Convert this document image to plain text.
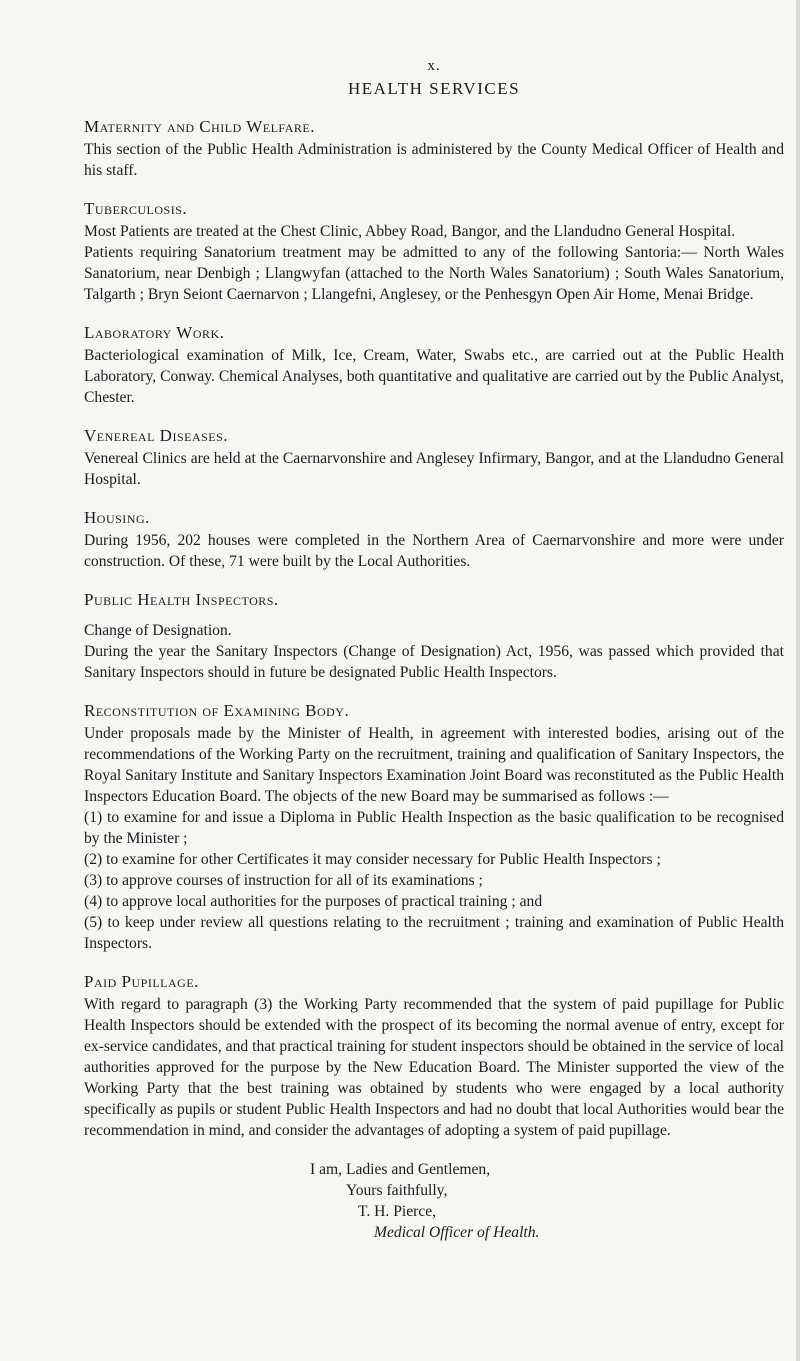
x.
HEALTH SERVICES
Maternity and Child Welfare.

This section of the Public Health Administration is administered by the County Medical Officer of Health and his staff.

Tuberculosis.

Most Patients are treated at the Chest Clinic, Abbey Road, Bangor, and the Llandudno General Hospital.

Patients requiring Sanatorium treatment may be admitted to any of the following Santoria:— North Wales Sanatorium, near Denbigh ; Llangwyfan (attached to the North Wales Sanatorium) ; South Wales Sanatorium, Talgarth ; Bryn Seiont Caernarvon ; Llangefni, Anglesey, or the Penhesgyn Open Air Home, Menai Bridge.

Laboratory Work.

Bacteriological examination of Milk, Ice, Cream, Water, Swabs etc., are carried out at the Public Health Laboratory, Conway. Chemical Analyses, both quantitative and qualitative are carried out by the Public Analyst, Chester.

Venereal Diseases.

Venereal Clinics are held at the Caernarvonshire and Anglesey Infirmary, Bangor, and at the Llandudno General Hospital.

Housing.

During 1956, 202 houses were completed in the Northern Area of Caernarvonshire and more were under construction. Of these, 71 were built by the Local Authorities.

Public Health Inspectors.

Change of Designation.

During the year the Sanitary Inspectors (Change of Designation) Act, 1956, was passed which provided that Sanitary Inspectors should in future be designated Public Health Inspectors.

Reconstitution of Examining Body.

Under proposals made by the Minister of Health, in agreement with interested bodies, arising out of the recommendations of the Working Party on the recruitment, training and qualification of Sanitary Inspectors, the Royal Sanitary Institute and Sanitary Inspectors Examination Joint Board was reconstituted as the Public Health Inspectors Education Board. The objects of the new Board may be summarised as follows :—

(1) to examine for and issue a Diploma in Public Health Inspection as the basic qualification to be recognised by the Minister ;

(2) to examine for other Certificates it may consider necessary for Public Health Inspectors ;

(3) to approve courses of instruction for all of its examinations ;

(4) to approve local authorities for the purposes of practical training ; and

(5) to keep under review all questions relating to the recruitment ; training and examination of Public Health Inspectors.

Paid Pupillage.

With regard to paragraph (3) the Working Party recommended that the system of paid pupillage for Public Health Inspectors should be extended with the prospect of its becoming the normal avenue of entry, except for ex-service candidates, and that practical training for student inspectors should be obtained in the service of local authorities approved for the purpose by the New Education Board. The Minister supported the view of the Working Party that the best training was obtained by students who were engaged by a local authority specifically as pupils or student Public Health Inspectors and had no doubt that local Authorities would bear the recommendation in mind, and consider the advantages of adopting a system of paid pupillage.

I am, Ladies and Gentlemen,
Yours faithfully,
T. H. Pierce,
Medical Officer of Health.
